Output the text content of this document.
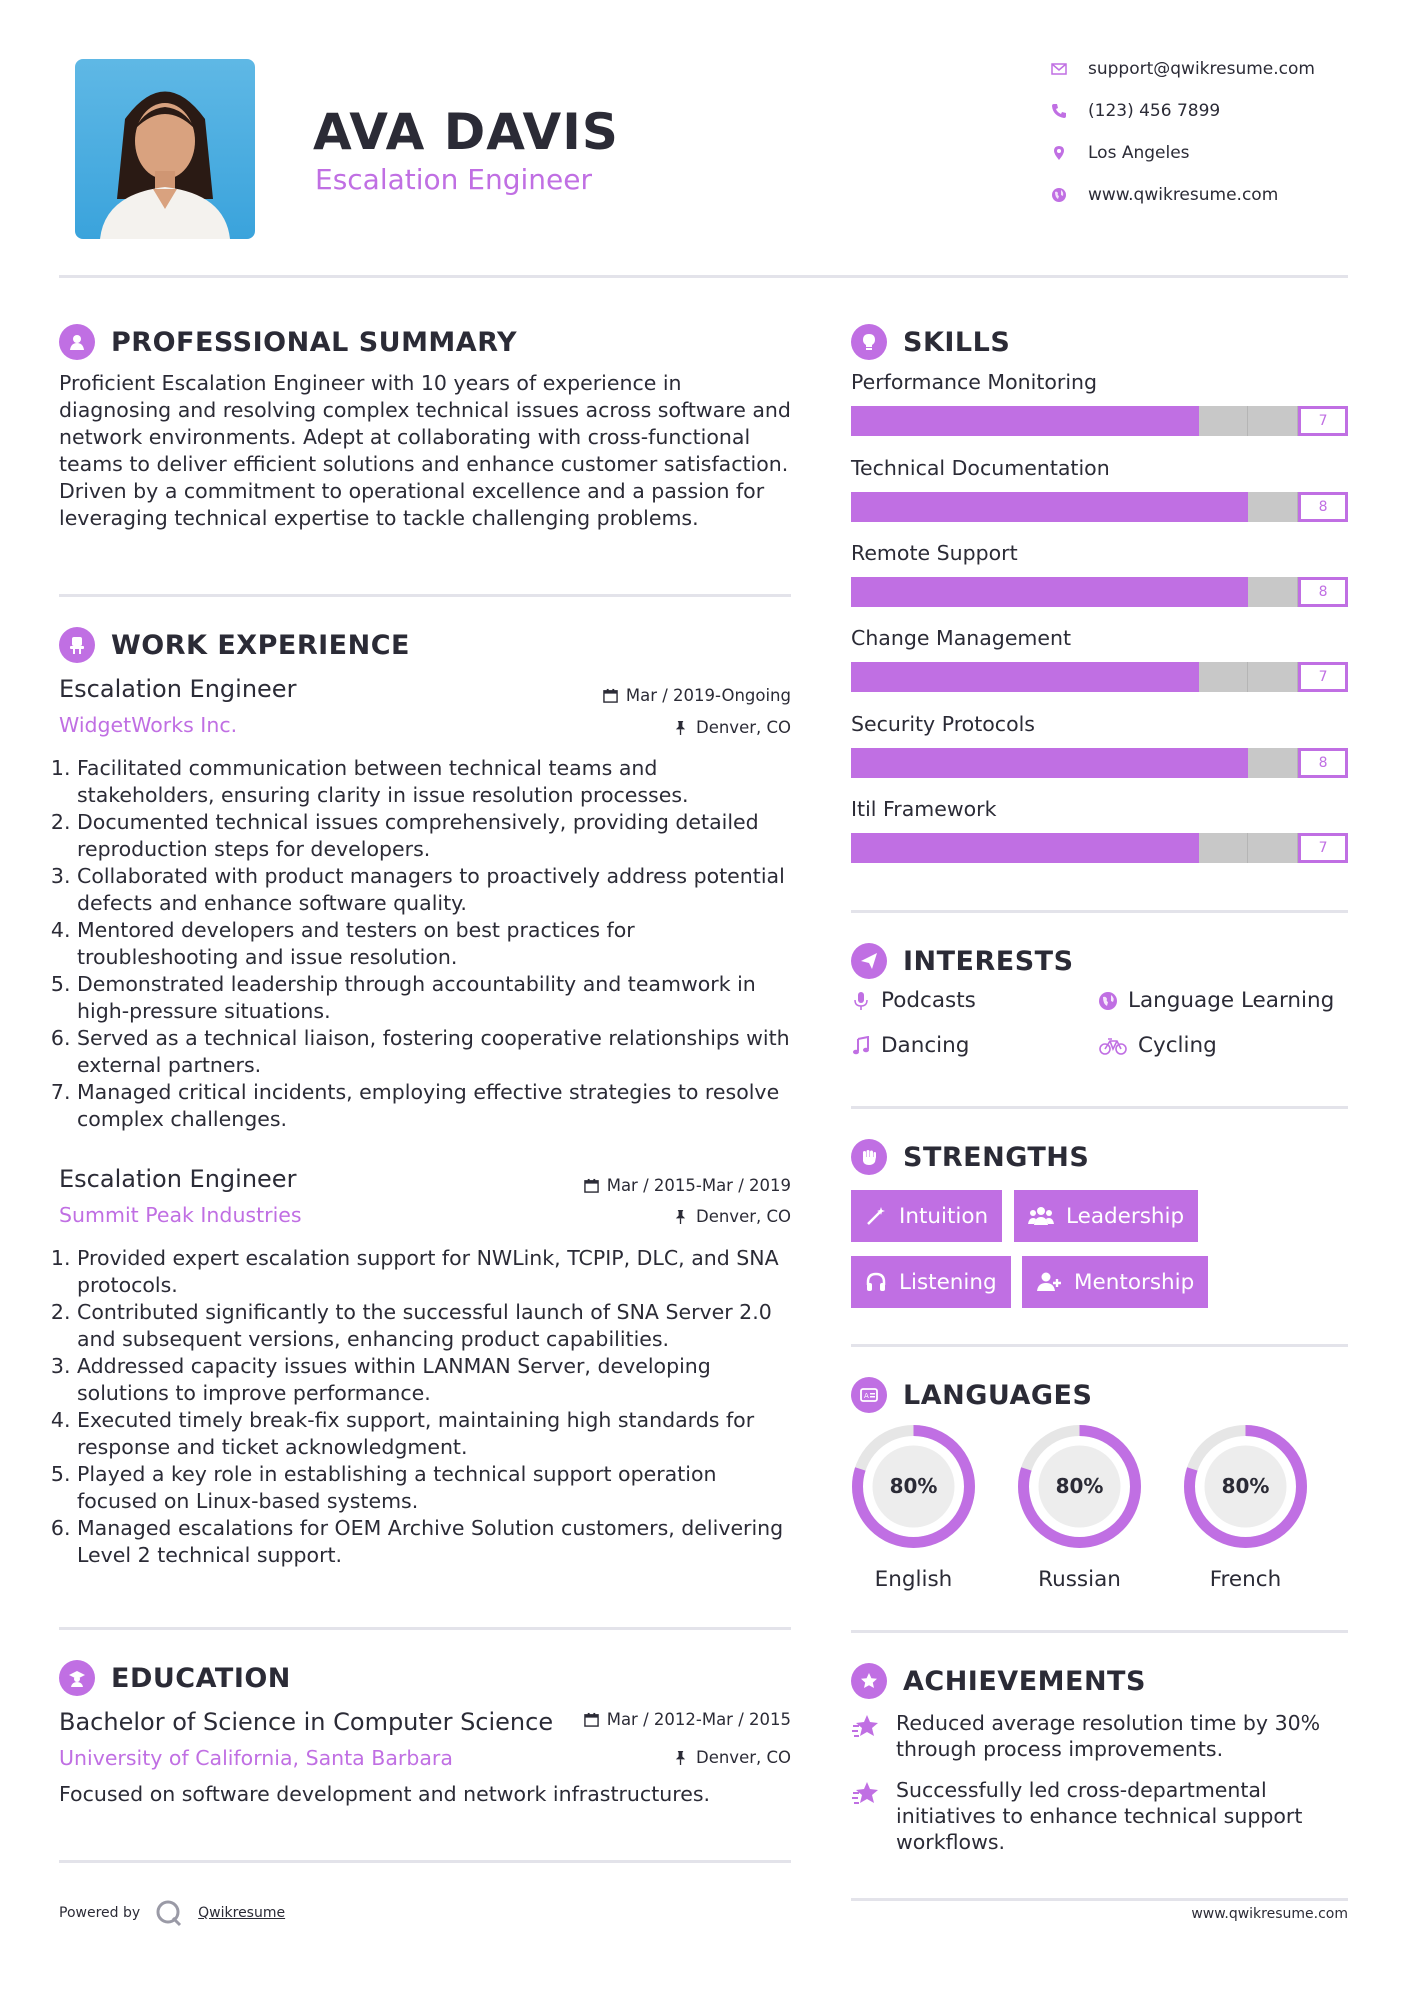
AVA DAVIS
Escalation Engineer
support@qwikresume.com
(123) 456 7899
Los Angeles
www.qwikresume.com
PROFESSIONAL SUMMARY
Proficient Escalation Engineer with 10 years of experience in diagnosing and resolving complex technical issues across software and network environments. Adept at collaborating with cross-functional teams to deliver efficient solutions and enhance customer satisfaction. Driven by a commitment to operational excellence and a passion for leveraging technical expertise to tackle challenging problems.
WORK EXPERIENCE
Escalation Engineer	Mar / 2019-Ongoing
WidgetWorks Inc.	Denver, CO
1. Facilitated communication between technical teams and stakeholders, ensuring clarity in issue resolution processes.
2. Documented technical issues comprehensively, providing detailed reproduction steps for developers.
3. Collaborated with product managers to proactively address potential defects and enhance software quality.
4. Mentored developers and testers on best practices for troubleshooting and issue resolution.
5. Demonstrated leadership through accountability and teamwork in high-pressure situations.
6. Served as a technical liaison, fostering cooperative relationships with external partners.
7. Managed critical incidents, employing effective strategies to resolve complex challenges.
Escalation Engineer	Mar / 2015-Mar / 2019
Summit Peak Industries	Denver, CO
1. Provided expert escalation support for NWLink, TCPIP, DLC, and SNA protocols.
2. Contributed significantly to the successful launch of SNA Server 2.0 and subsequent versions, enhancing product capabilities.
3. Addressed capacity issues within LANMAN Server, developing solutions to improve performance.
4. Executed timely break-fix support, maintaining high standards for response and ticket acknowledgment.
5. Played a key role in establishing a technical support operation focused on Linux-based systems.
6. Managed escalations for OEM Archive Solution customers, delivering Level 2 technical support.
EDUCATION
Bachelor of Science in Computer Science	Mar / 2012-Mar / 2015
University of California, Santa Barbara	Denver, CO
Focused on software development and network infrastructures.
Powered by	Qwikresume
SKILLS
Performance Monitoring
7
Technical Documentation
8
Remote Support
8
Change Management
7
Security Protocols
8
Itil Framework
7
INTERESTS
Podcasts	Language Learning
Dancing	Cycling
STRENGTHS
Intuition	Leadership
Listening	Mentorship
A LANGUAGES
80%
English
80%
Russian
80%
French
ACHIEVEMENTS
Reduced average resolution time by 30% through process improvements.
Successfully led cross-departmental initiatives to enhance technical support workflows.
www.qwikresume.com
